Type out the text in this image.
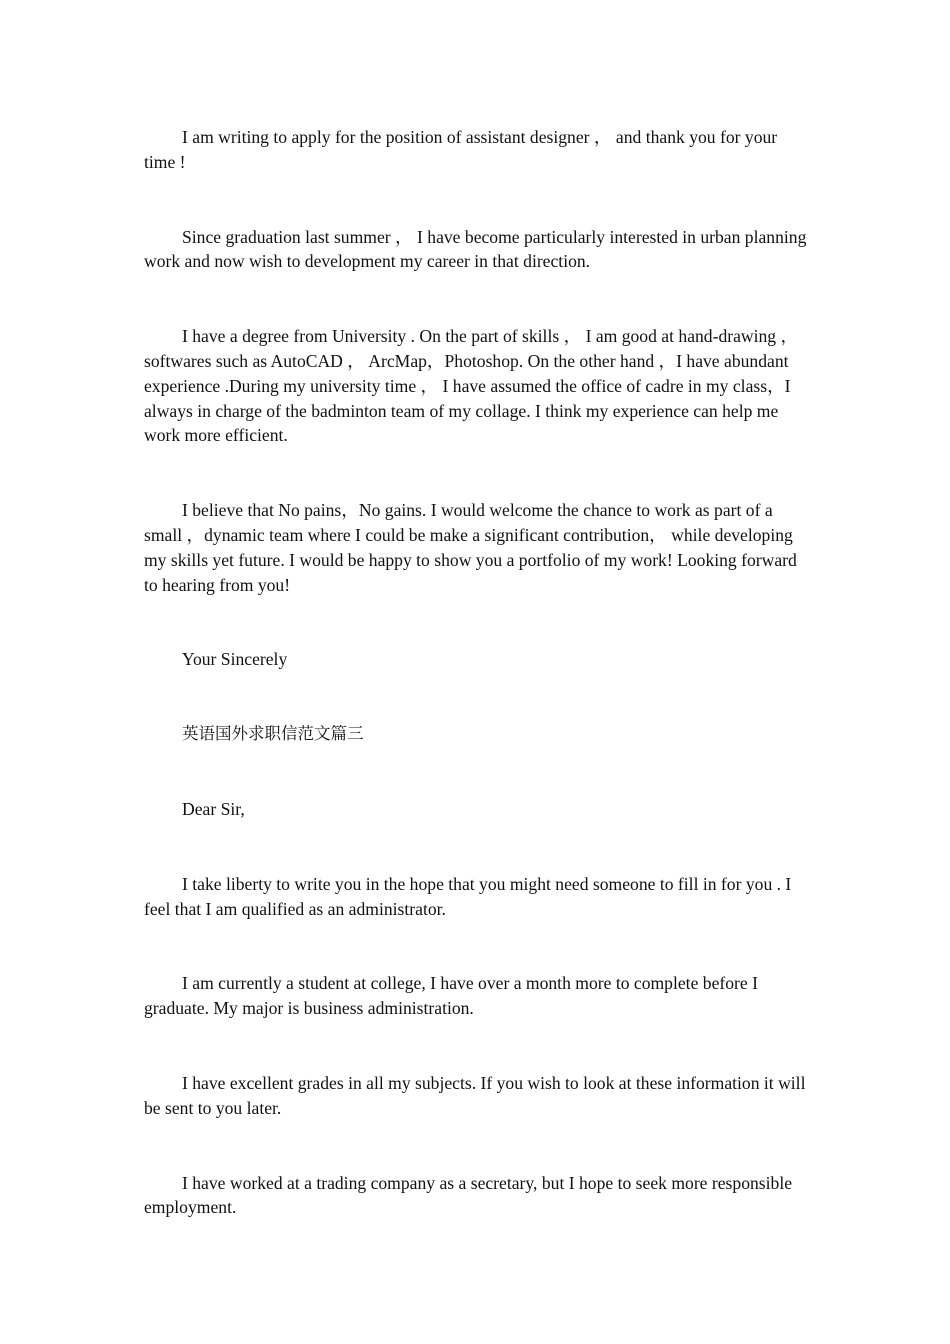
I am writing to apply for the position of assistant designer ， and thank you for your time !

Since graduation last summer ， I have become particularly interested in urban planning work and now wish to development my career in that direction.

I have a degree from University . On the part of skills ， I am good at hand-drawing ， softwares such as AutoCAD ， ArcMap，Photoshop. On the other hand ，I have abundant experience .During my university time ， I have assumed the office of cadre in my class，I always in charge of the badminton team of my collage. I think my experience can help me work more efficient.

I believe that No pains，No gains. I would welcome the chance to work as part of a small ，dynamic team where I could be make a significant contribution， while developing my skills yet future. I would be happy to show you a portfolio of my work! Looking forward to hearing from you!

Your Sincerely

英语国外求职信范文篇三

Dear Sir,

I take liberty to write you in the hope that you might need someone to fill in for you . I feel that I am qualified as an administrator.

I am currently a student at college, I have over a month more to complete before I graduate. My major is business administration.

I have excellent grades in all my subjects. If you wish to look at these information it will be sent to you later.

I have worked at a trading company as a secretary, but I hope to seek more responsible employment.
